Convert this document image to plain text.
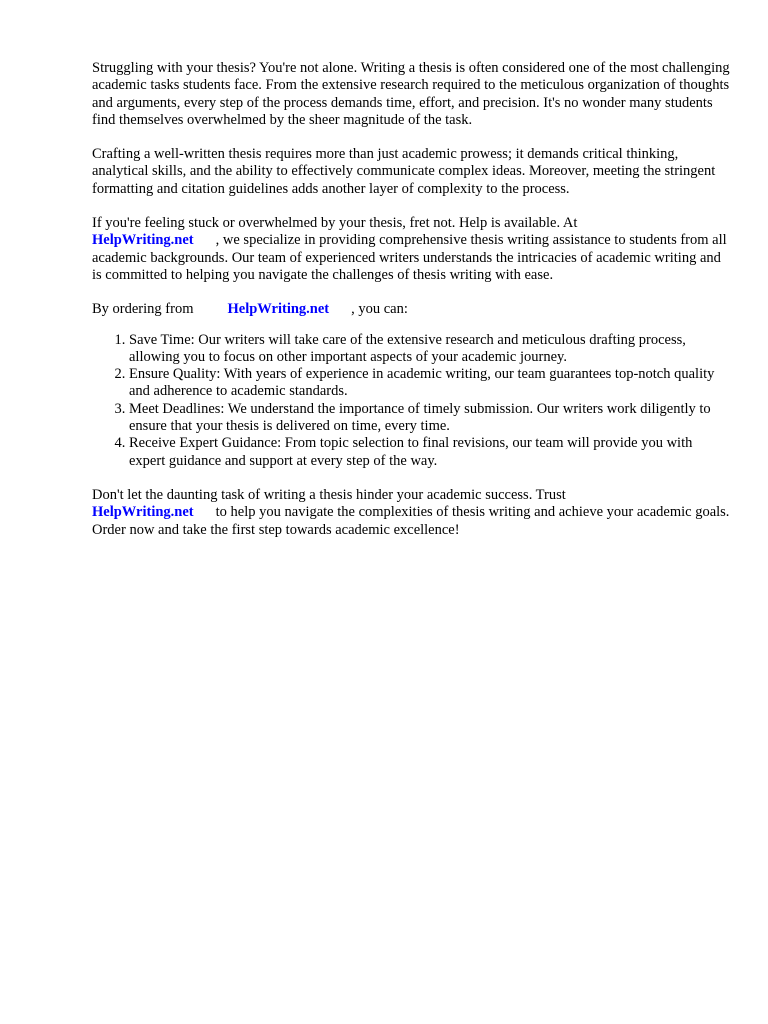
Struggling with your thesis? You're not alone. Writing a thesis is often considered one of the most challenging academic tasks students face. From the extensive research required to the meticulous organization of thoughts and arguments, every step of the process demands time, effort, and precision. It's no wonder many students find themselves overwhelmed by the sheer magnitude of the task.

Crafting a well-written thesis requires more than just academic prowess; it demands critical thinking, analytical skills, and the ability to effectively communicate complex ideas. Moreover, meeting the stringent formatting and citation guidelines adds another layer of complexity to the process.

If you're feeling stuck or overwhelmed by your thesis, fret not. Help is available. At
HelpWriting.net , we specialize in providing comprehensive thesis writing assistance to students from all academic backgrounds. Our team of experienced writers understands the intricacies of academic writing and is committed to helping you navigate the challenges of thesis writing with ease.

By ordering from HelpWriting.net , you can:

1. Save Time: Our writers will take care of the extensive research and meticulous drafting process, allowing you to focus on other important aspects of your academic journey.
2. Ensure Quality: With years of experience in academic writing, our team guarantees top-notch quality and adherence to academic standards.
3. Meet Deadlines: We understand the importance of timely submission. Our writers work diligently to ensure that your thesis is delivered on time, every time.
4. Receive Expert Guidance: From topic selection to final revisions, our team will provide you with expert guidance and support at every step of the way.

Don't let the daunting task of writing a thesis hinder your academic success. Trust
HelpWriting.net to help you navigate the complexities of thesis writing and achieve your academic goals. Order now and take the first step towards academic excellence!
